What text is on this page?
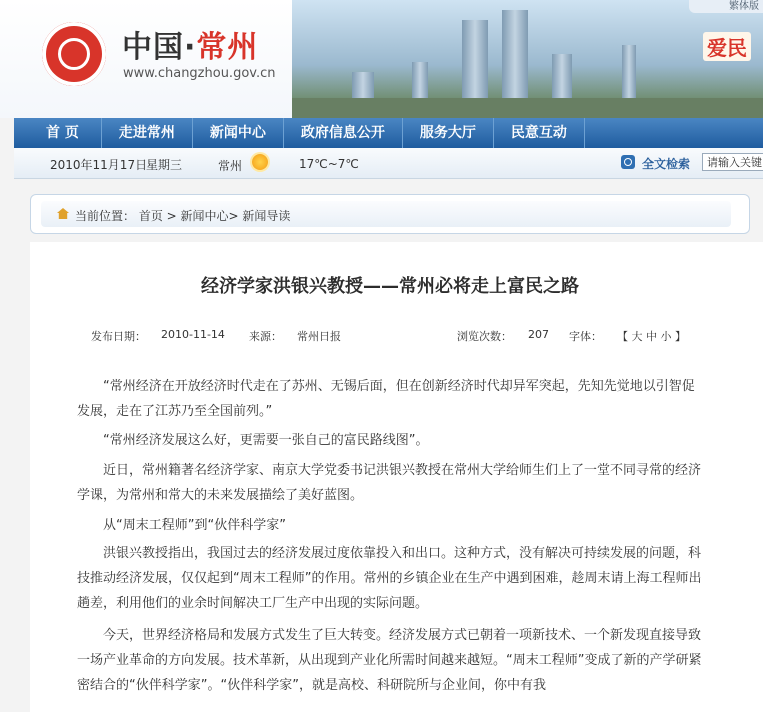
繁体版
中国·常州
www.changzhou.gov.cn
爱民
首 页	走进常州	新闻中心	政府信息公开	服务大厅	民意互动
2010年11月17日
星期三	常州	17℃~7℃	全文检索
请输入关键
当前位置： 首页 > 新闻中心> 新闻导读
经济学家洪银兴教授——常州必将走上富民之路
发布日期： 2010-11-14 来源： 常州日报	浏览次数： 207 字体： 【 大 中 小 】
“常州经济在开放经济时代走在了苏州、无锡后面，但在创新经济时代却异军突起，先知先觉地以引智促发展，走在了江苏乃至全国前列。”
“常州经济发展这么好，更需要一张自己的富民路线图”。
近日，常州籍著名经济学家、南京大学党委书记洪银兴教授在常州大学给师生们上了一堂不同寻常的经济学课，为常州和常大的未来发展描绘了美好蓝图。
从“周末工程师”到“伙伴科学家”
洪银兴教授指出，我国过去的经济发展过度依靠投入和出口。这种方式，没有解决可持续发展的问题，科技推动经济发展，仅仅起到“周末工程师”的作用。常州的乡镇企业在生产中遇到困难，趁周末请上海工程师出趟差，利用他们的业余时间解决工厂生产中出现的实际问题。
今天，世界经济格局和发展方式发生了巨大转变。经济发展方式已朝着一项新技术、一个新发现直接导致一场产业革命的方向发展。技术革新，从出现到产业化所需时间越来越短。“周末工程师”变成了新的产学研紧密结合的“伙伴科学家”。“伙伴科学家”，就是高校、科研院所与企业间，你中有我
